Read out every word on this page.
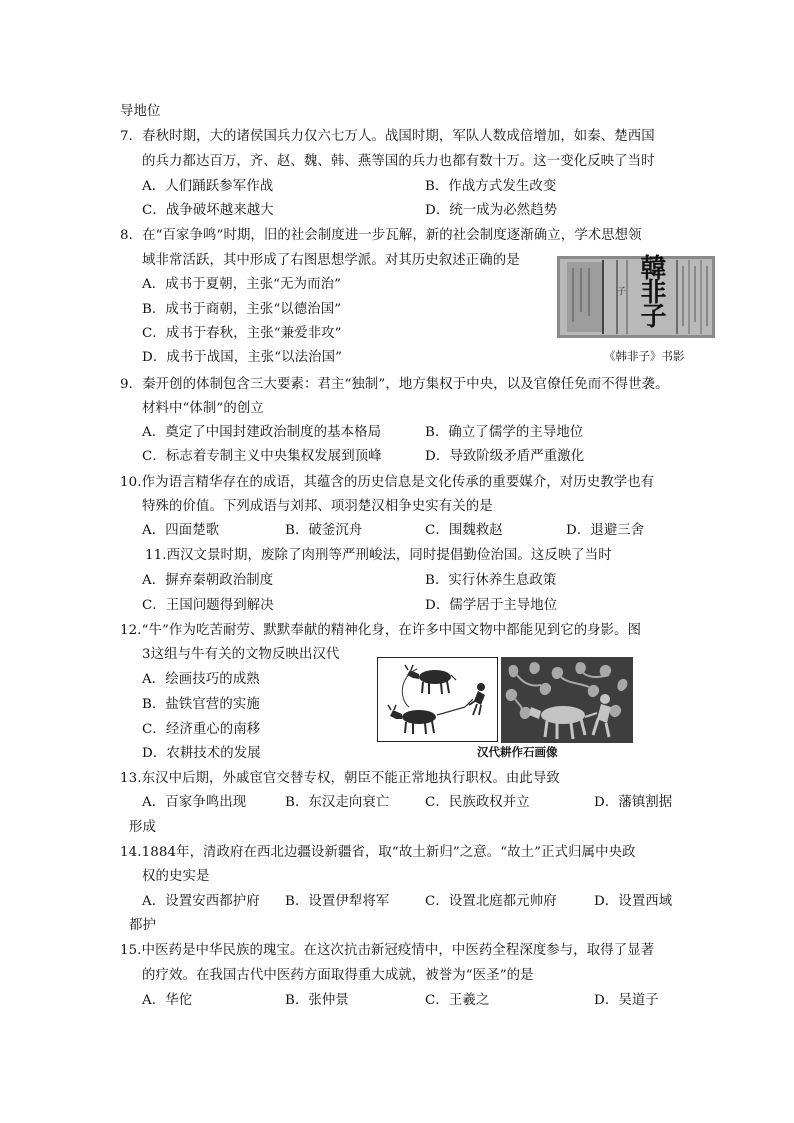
导地位
7．春秋时期，大的诸侯国兵力仅六七万人。战国时期，军队人数成倍增加，如秦、楚西国
的兵力都达百万，齐、赵、魏、韩、燕等国的兵力也都有数十万。这一变化反映了当时
A．人们踊跃参军作战	B．作战方式发生改变
C．战争破坏越来越大	D．统一成为必然趋势
8．在“百家争鸣”时期，旧的社会制度进一步瓦解，新的社会制度逐渐确立，学术思想领
域非常活跃，其中形成了右图思想学派。对其历史叙述正确的是
A．成书于夏朝，主张“无为而治”
B．成书于商朝，主张“以德治国”
C．成书于春秋，主张“兼爱非攻”
D．成书于战国，主张“以法治国”
子 韓非子
《韩非子》书影
9．秦开创的体制包含三大要素：君主“独制”，地方集权于中央，以及官僚任免而不得世袭。
材料中“体制”的创立
A．奠定了中国封建政治制度的基本格局	B．确立了儒学的主导地位
C．标志着专制主义中央集权发展到顶峰	D．导致阶级矛盾严重激化
10.作为语言精华存在的成语，其蕴含的历史信息是文化传承的重要媒介，对历史教学也有
特殊的价值。下列成语与刘邦、项羽楚汉相争史实有关的是
A．四面楚歌	B．破釜沉舟	C．围魏救赵	D．退避三舍
11.西汉文景时期，废除了肉刑等严刑峻法，同时提倡勤俭治国。这反映了当时
A．摒弃秦朝政治制度	B．实行休养生息政策
C．王国问题得到解决	D．儒学居于主导地位
12.“牛”作为吃苦耐劳、默默奉献的精神化身，在许多中国文物中都能见到它的身影。图
3这组与牛有关的文物反映出汉代
A．绘画技巧的成熟
B．盐铁官营的实施
C．经济重心的南移
D．农耕技术的发展	汉代耕作石画像
13.东汉中后期，外戚宦官交替专权，朝臣不能正常地执行职权。由此导致
A．百家争鸣出现	B．东汉走向衰亡	C．民族政权并立	D．藩镇割据
形成
14.1884年，清政府在西北边疆设新疆省，取“故土新归”之意。“故土”正式归属中央政
权的史实是
A．设置安西都护府 B．设置伊犁将军	C．设置北庭都元帅府	D．设置西域
都护
15.中医药是中华民族的瑰宝。在这次抗击新冠疫情中，中医药全程深度参与，取得了显著
的疗效。在我国古代中医药方面取得重大成就，被誉为“医圣”的是
A．华佗	B．张仲景	C．王羲之	D．吴道子
